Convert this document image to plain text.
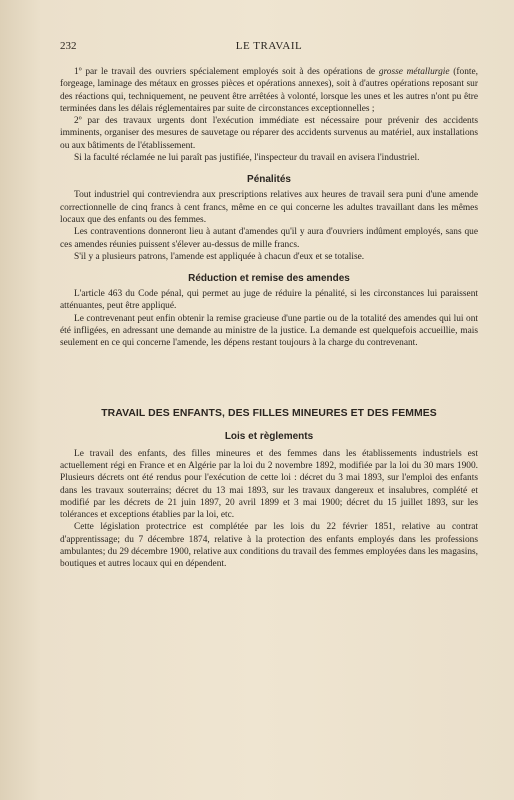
232	LE TRAVAIL

1º par le travail des ouvriers spécialement employés soit à des opérations de grosse métallurgie (fonte, forgeage, laminage des métaux en grosses pièces et opérations annexes), soit à d'autres opérations reposant sur des réactions qui, techniquement, ne peuvent être arrêtées à volonté, lorsque les unes et les autres n'ont pu être terminées dans les délais réglementaires par suite de circonstances exceptionnelles ;

2º par des travaux urgents dont l'exécution immédiate est nécessaire pour prévenir des accidents imminents, organiser des mesures de sauvetage ou réparer des accidents survenus au matériel, aux installations ou aux bâtiments de l'établissement.

Si la faculté réclamée ne lui paraît pas justifiée, l'inspecteur du travail en avisera l'industriel.

Pénalités

Tout industriel qui contreviendra aux prescriptions relatives aux heures de travail sera puni d'une amende correctionnelle de cinq francs à cent francs, même en ce qui concerne les adultes travaillant dans les mêmes locaux que des enfants ou des femmes.

Les contraventions donneront lieu à autant d'amendes qu'il y aura d'ouvriers indûment employés, sans que ces amendes réunies puissent s'élever au-dessus de mille francs.

S'il y a plusieurs patrons, l'amende est appliquée à chacun d'eux et se totalise.

Réduction et remise des amendes

L'article 463 du Code pénal, qui permet au juge de réduire la pénalité, si les circonstances lui paraissent atténuantes, peut être appliqué.

Le contrevenant peut enfin obtenir la remise gracieuse d'une partie ou de la totalité des amendes qui lui ont été infligées, en adressant une demande au ministre de la justice. La demande est quelquefois accueillie, mais seulement en ce qui concerne l'amende, les dépens restant toujours à la charge du contrevenant.

TRAVAIL DES ENFANTS, DES FILLES MINEURES ET DES FEMMES
Lois et règlements

Le travail des enfants, des filles mineures et des femmes dans les établissements industriels est actuellement régi en France et en Algérie par la loi du 2 novembre 1892, modifiée par la loi du 30 mars 1900. Plusieurs décrets ont été rendus pour l'exécution de cette loi : décret du 3 mai 1893, sur l'emploi des enfants dans les travaux souterrains; décret du 13 mai 1893, sur les travaux dangereux et insalubres, complété et modifié par les décrets de 21 juin 1897, 20 avril 1899 et 3 mai 1900; décret du 15 juillet 1893, sur les tolérances et exceptions établies par la loi, etc.

Cette législation protectrice est complétée par les lois du 22 février 1851, relative au contrat d'apprentissage; du 7 décembre 1874, relative à la protection des enfants employés dans les professions ambulantes; du 29 décembre 1900, relative aux conditions du travail des femmes employées dans les magasins, boutiques et autres locaux qui en dépendent.
